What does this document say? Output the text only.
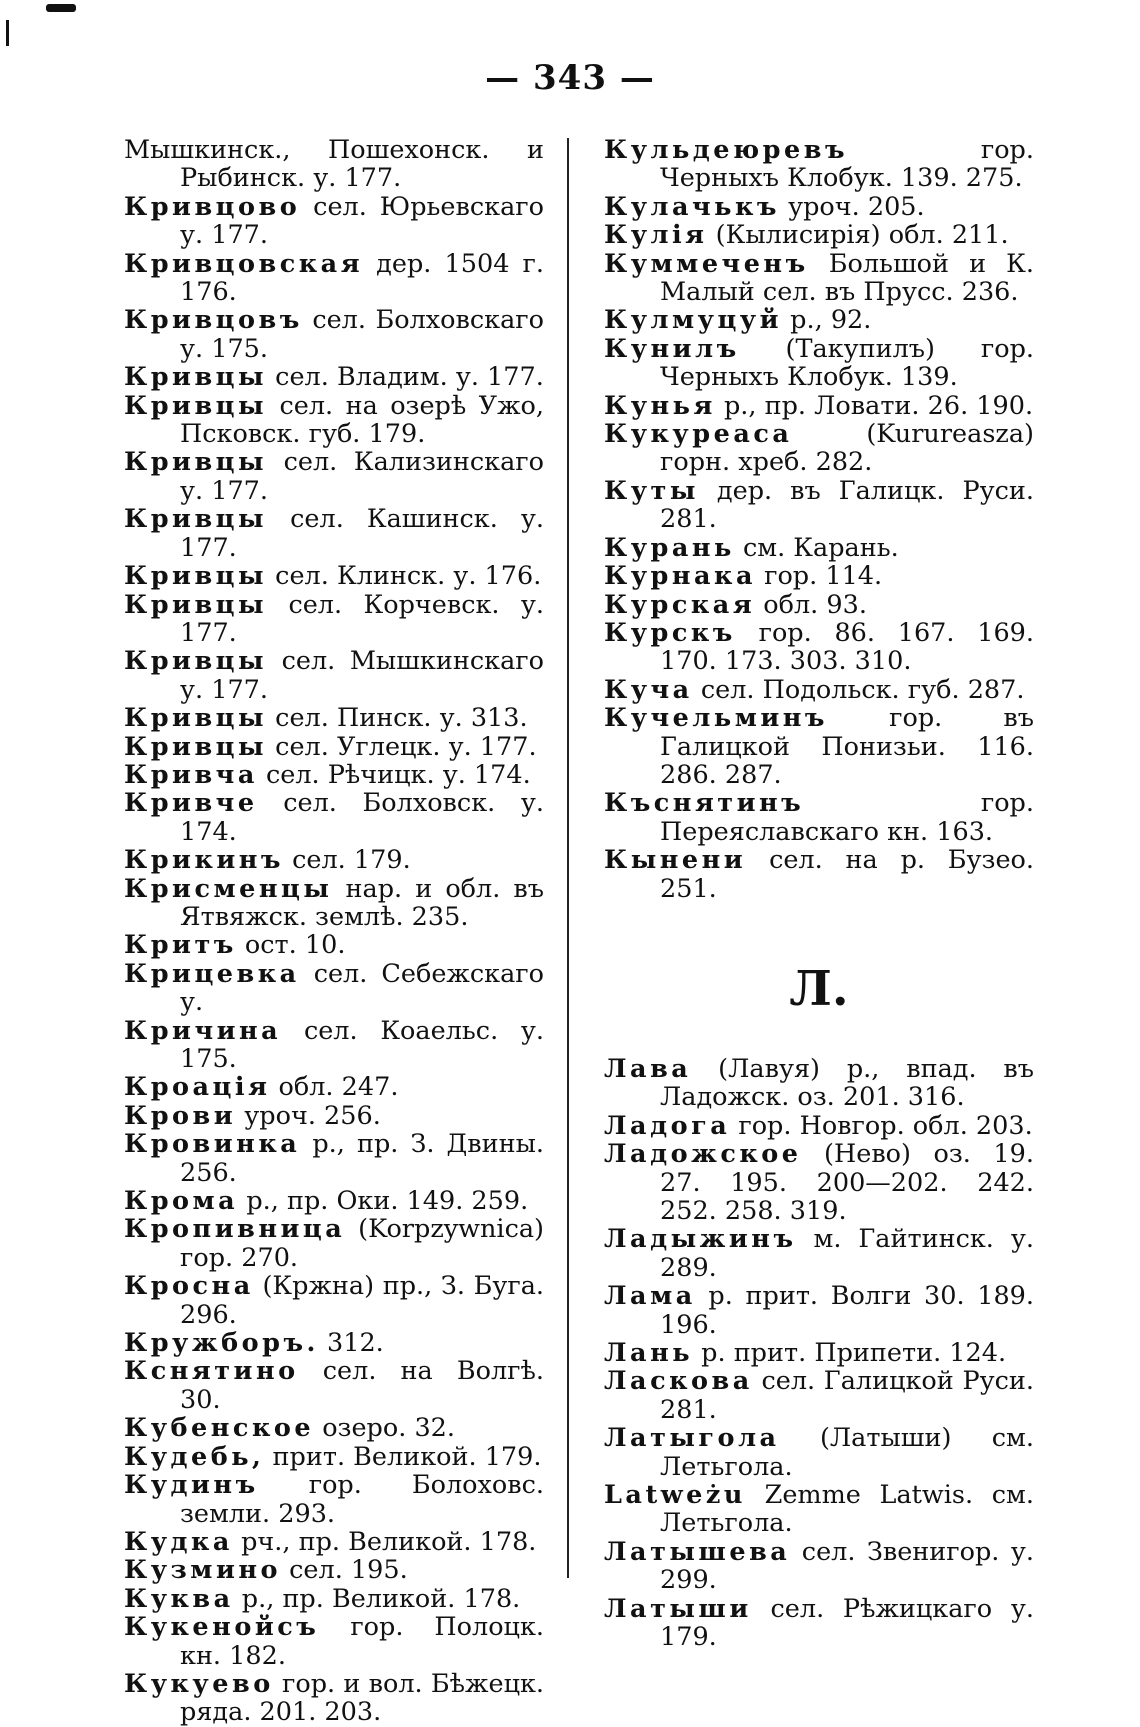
— 343 —
Мышкинск., Пошехонск. и Рыбинск. у. 177.
Кривцово сел. Юрьевскаго у. 177.
Кривцовская дер. 1504 г. 176.
Кривцовъ сел. Болховскаго у. 175.
Кривцы сел. Владим. у. 177.
Кривцы сел. на озерѣ Ужо, Псковск. губ. 179.
Кривцы сел. Кализинскаго у. 177.
Кривцы сел. Кашинск. у. 177.
Кривцы сел. Клинск. у. 176.
Кривцы сел. Корчевск. у. 177.
Кривцы сел. Мышкинскаго у. 177.
Кривцы сел. Пинск. у. 313.
Кривцы сел. Углецк. у. 177.
Кривча сел. Рѣчицк. у. 174.
Кривче сел. Болховск. у. 174.
Крикинъ сел. 179.
Крисменцы нар. и обл. въ Ятвяжск. землѣ. 235.
Критъ ост. 10.
Крицевка сел. Себежскаго у.
Кричина сел. Коаельс. у. 175.
Кроація обл. 247.
Крови уроч. 256.
Кровинка р., пр. З. Двины. 256.
Крома р., пр. Оки. 149. 259.
Кропивница (Korpzywnica) гор. 270.
Кросна (Кржна) пр., З. Буга. 296.
Кружборъ. 312.
Кснятино сел. на Волгѣ. 30.
Кубенское озеро. 32.
Кудебь, прит. Великой. 179.
Кудинъ гор. Болоховс. земли. 293.
Кудка рч., пр. Великой. 178.
Кузмино сел. 195.
Куква р., пр. Великой. 178.
Кукенойсъ гор. Полоцк. кн. 182.
Кукуево гор. и вол. Бѣжецк. ряда. 201. 203.
Кульдеюревъ	гор. Черныхъ Клобук. 139. 275.
Кулачькъ уроч. 205.
Кулія (Кылисирія) обл. 211.
Куммеченъ Большой и К. Малый сел. въ Прусс. 236.
Кулмуцуй р., 92.
Кунилъ (Такупилъ) гор. Черныхъ Клобук. 139.
Кунья р., пр. Ловати. 26. 190.
Кукуреаса	(Kurureasza) горн. хреб. 282.
Куты дер. въ Галицк. Руси. 281.
Курань см. Карань.
Курнака гор. 114.
Курская обл. 93.
Курскъ гор. 86. 167. 169. 170. 173. 303. 310.
Куча сел. Подольск. губ. 287.
Кучельминъ гор. въ Галицкой Понизьи. 116. 286. 287.
Къснятинъ	гор. Переяславскаго кн. 163.
Кынени сел. на р. Бузео. 251.
Л.
Лава (Лавуя) р., впад. въ Ладожск. оз. 201. 316.
Ладога гор. Новгор. обл. 203.
Ладожское (Нево) оз. 19. 27. 195. 200—202. 242. 252. 258. 319.
Ладыжинъ м. Гайтинск. у. 289.
Лама р. прит. Волги 30. 189. 196.
Лань р. прит. Припети. 124.
Ласкова сел. Галицкой Руси. 281.
Латыгола (Латыши) см. Летьгола.
Latweżu Zemme Latwis. см. Летьгола.
Латышева сел. Звенигор. у. 299.
Латыши сел. Рѣжицкаго у. 179.
